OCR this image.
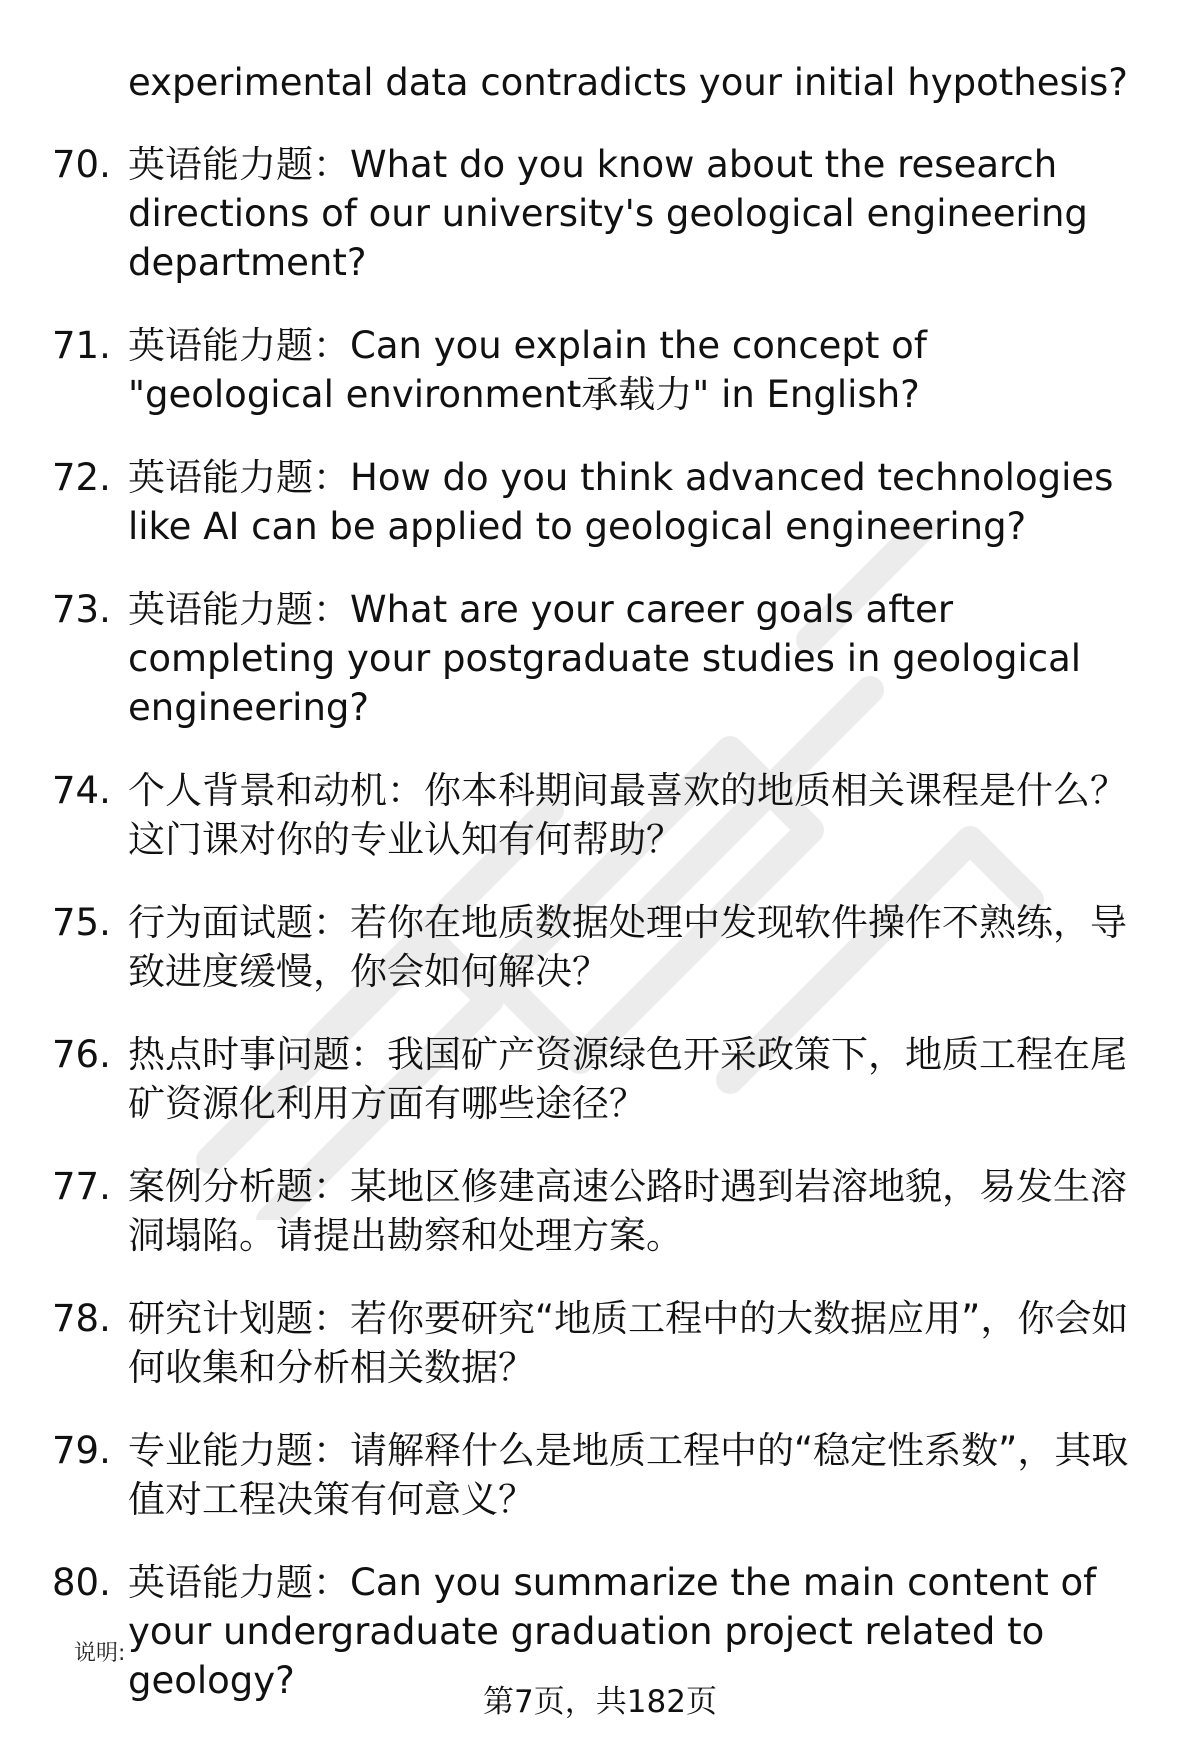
experimental data contradicts your initial hypothesis?
70. 英语能力题：What do you know about the research directions of our university's geological engineering department?
71. 英语能力题：Can you explain the concept of "geological environment承载力" in English?
72. 英语能力题：How do you think advanced technologies like AI can be applied to geological engineering?
73. 英语能力题：What are your career goals after completing your postgraduate studies in geological engineering?
74. 个人背景和动机：你本科期间最喜欢的地质相关课程是什么？这门课对你的专业认知有何帮助？
75. 行为面试题：若你在地质数据处理中发现软件操作不熟练，导致进度缓慢，你会如何解决？
76. 热点时事问题：我国矿产资源绿色开采政策下，地质工程在尾矿资源化利用方面有哪些途径？
77. 案例分析题：某地区修建高速公路时遇到岩溶地貌，易发生溶洞塌陷。请提出勘察和处理方案。
78. 研究计划题：若你要研究“地质工程中的大数据应用”，你会如何收集和分析相关数据？
79. 专业能力题：请解释什么是地质工程中的“稳定性系数”，其取值对工程决策有何意义？
80. 英语能力题：Can you summarize the main content of your undergraduate graduation project related to geology?
说明:
第7页，共182页
